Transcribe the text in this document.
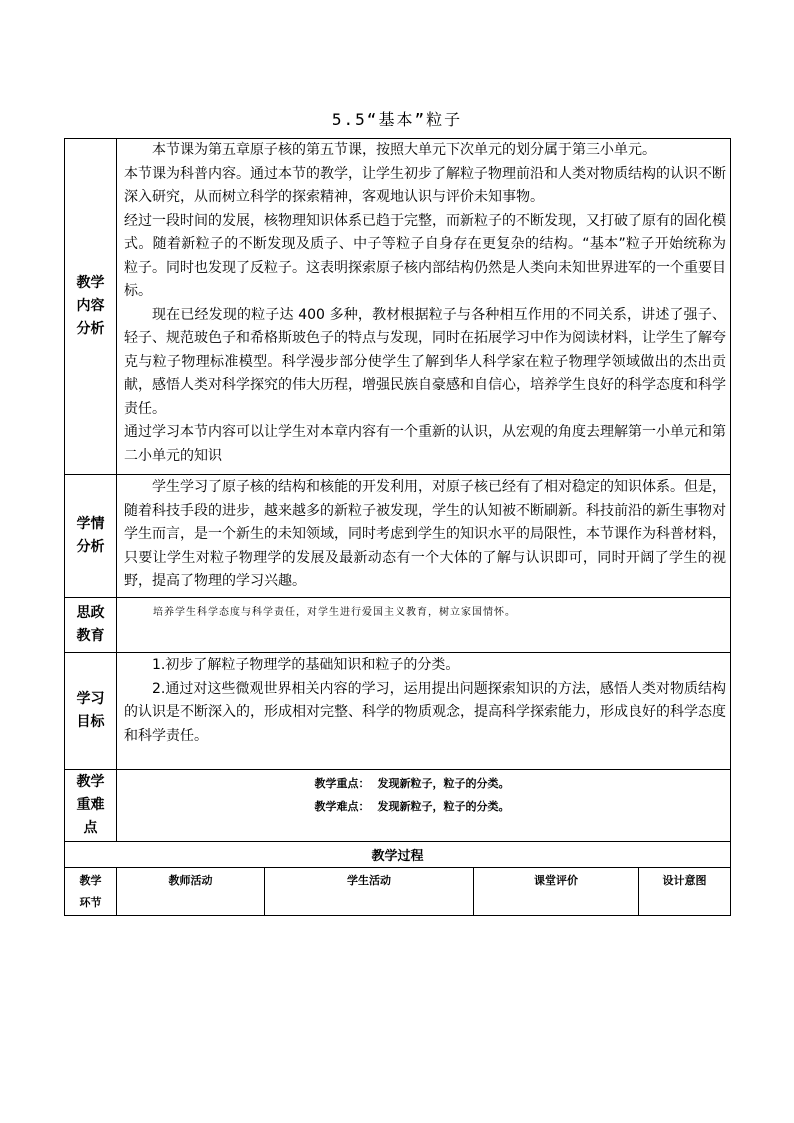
5.5“基本”粒子
教学内容分析	本节课为第五章原子核的第五节课，按照大单元下次单元的划分属于第三小单元。

本节课为科普内容。通过本节的教学，让学生初步了解粒子物理前沿和人类对物质结构的认识不断深入研究，从而树立科学的探索精神，客观地认识与评价未知事物。

经过一段时间的发展，核物理知识体系已趋于完整，而新粒子的不断发现，又打破了原有的固化模式。随着新粒子的不断发现及质子、中子等粒子自身存在更复杂的结构。“基本”粒子开始统称为粒子。同时也发现了反粒子。这表明探索原子核内部结构仍然是人类向未知世界进军的一个重要目标。

现在已经发现的粒子达 400 多种，教材根据粒子与各种相互作用的不同关系，讲述了强子、轻子、规范玻色子和希格斯玻色子的特点与发现，同时在拓展学习中作为阅读材料，让学生了解夸克与粒子物理标准模型。科学漫步部分使学生了解到华人科学家在粒子物理学领域做出的杰出贡献，感悟人类对科学探究的伟大历程，增强民族自豪感和自信心，培养学生良好的科学态度和科学责任。

通过学习本节内容可以让学生对本章内容有一个重新的认识，从宏观的角度去理解第一小单元和第二小单元的知识			

学情分析	学生学习了原子核的结构和核能的开发利用，对原子核已经有了相对稳定的知识体系。但是，随着科技手段的进步，越来越多的新粒子被发现，学生的认知被不断刷新。科技前沿的新生事物对学生而言，是一个新生的未知领域，同时考虑到学生的知识水平的局限性，本节课作为科普材料，只要让学生对粒子物理学的发展及最新动态有一个大体的了解与认识即可，同时开阔了学生的视野，提高了物理的学习兴趣。			
思政教育	培养学生科学态度与科学责任，对学生进行爱国主义教育，树立家国情怀。			
学习目标	1.初步了解粒子物理学的基础知识和粒子的分类。

2.通过对这些微观世界相关内容的学习，运用提出问题探索知识的方法，感悟人类对物质结构的认识是不断深入的，形成相对完整、科学的物质观念，提高科学探索能力，形成良好的科学态度和科学责任。			

教学重难点	教学重点： 发现新粒子，粒子的分类。
教学难点： 发现新粒子，粒子的分类。			

教学过程				
教学环节	教师活动	学生活动	课堂评价	设计意图
